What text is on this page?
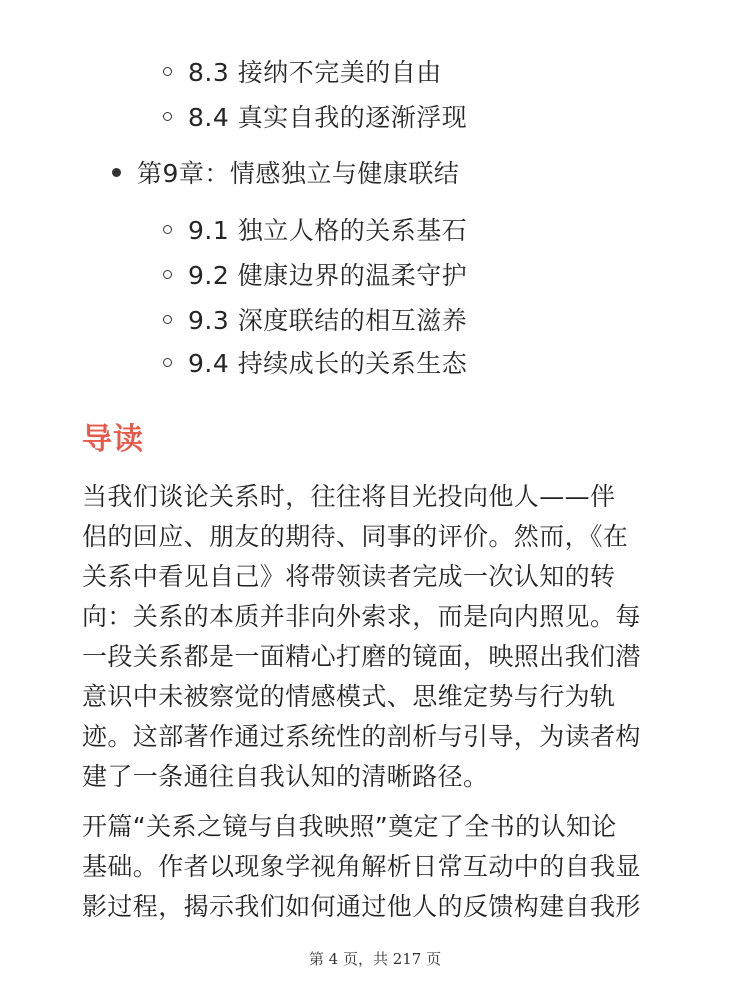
8.3 接纳不完美的自由
8.4 真实自我的逐渐浮现
第9章：情感独立与健康联结
9.1 独立人格的关系基石
9.2 健康边界的温柔守护
9.3 深度联结的相互滋养
9.4 持续成长的关系生态
导读
当我们谈论关系时，往往将目光投向他人——伴
侣的回应、朋友的期待、同事的评价。然而，《在
关系中看见自己》将带领读者完成一次认知的转
向：关系的本质并非向外索求，而是向内照见。每
一段关系都是一面精心打磨的镜面，映照出我们潜
意识中未被察觉的情感模式、思维定势与行为轨
迹。这部著作通过系统性的剖析与引导，为读者构
建了一条通往自我认知的清晰路径。
开篇“关系之镜与自我映照”奠定了全书的认知论
基础。作者以现象学视角解析日常互动中的自我显
影过程，揭示我们如何通过他人的反馈构建自我形
第 4 页，共 217 页
